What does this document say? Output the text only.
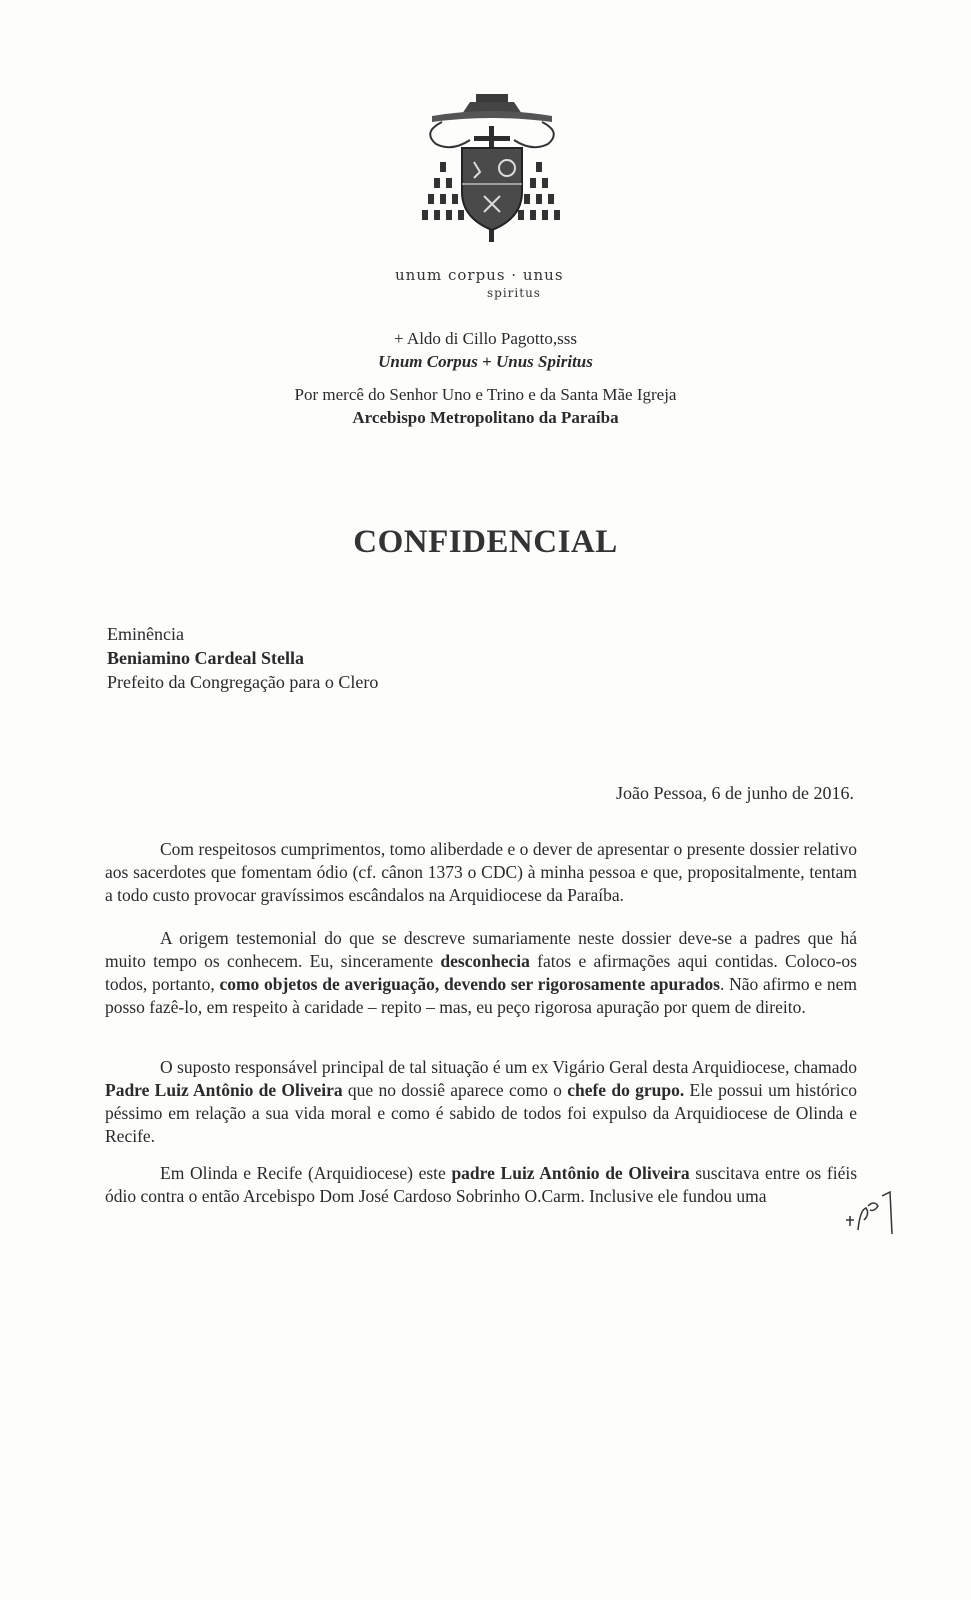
unum corpus · unus
spiritus
+ Aldo di Cillo Pagotto,sss
Unum Corpus + Unus Spiritus
Por mercê do Senhor Uno e Trino e da Santa Mãe Igreja
Arcebispo Metropolitano da Paraíba
CONFIDENCIAL
Eminência
Beniamino Cardeal Stella
Prefeito da Congregação para o Clero
João Pessoa, 6 de junho de 2016.
Com respeitosos cumprimentos, tomo aliberdade e o dever de apresentar o presente dossier relativo aos sacerdotes que fomentam ódio (cf. cânon 1373 o CDC) à minha pessoa e que, propositalmente, tentam a todo custo provocar gravíssimos escândalos na Arquidiocese da Paraíba.
A origem testemonial do que se descreve sumariamente neste dossier deve-se a padres que há muito tempo os conhecem. Eu, sinceramente desconhecia fatos e afirmações aqui contidas. Coloco-os todos, portanto, como objetos de averiguação, devendo ser rigorosamente apurados. Não afirmo e nem posso fazê-lo, em respeito à caridade – repito – mas, eu peço rigorosa apuração por quem de direito.
O suposto responsável principal de tal situação é um ex Vigário Geral desta Arquidiocese, chamado Padre Luiz Antônio de Oliveira que no dossiê aparece como o chefe do grupo. Ele possui um histórico péssimo em relação a sua vida moral e como é sabido de todos foi expulso da Arquidiocese de Olinda e Recife.
Em Olinda e Recife (Arquidiocese) este padre Luiz Antônio de Oliveira suscitava entre os fiéis ódio contra o então Arcebispo Dom José Cardoso Sobrinho O.Carm. Inclusive ele fundou uma
